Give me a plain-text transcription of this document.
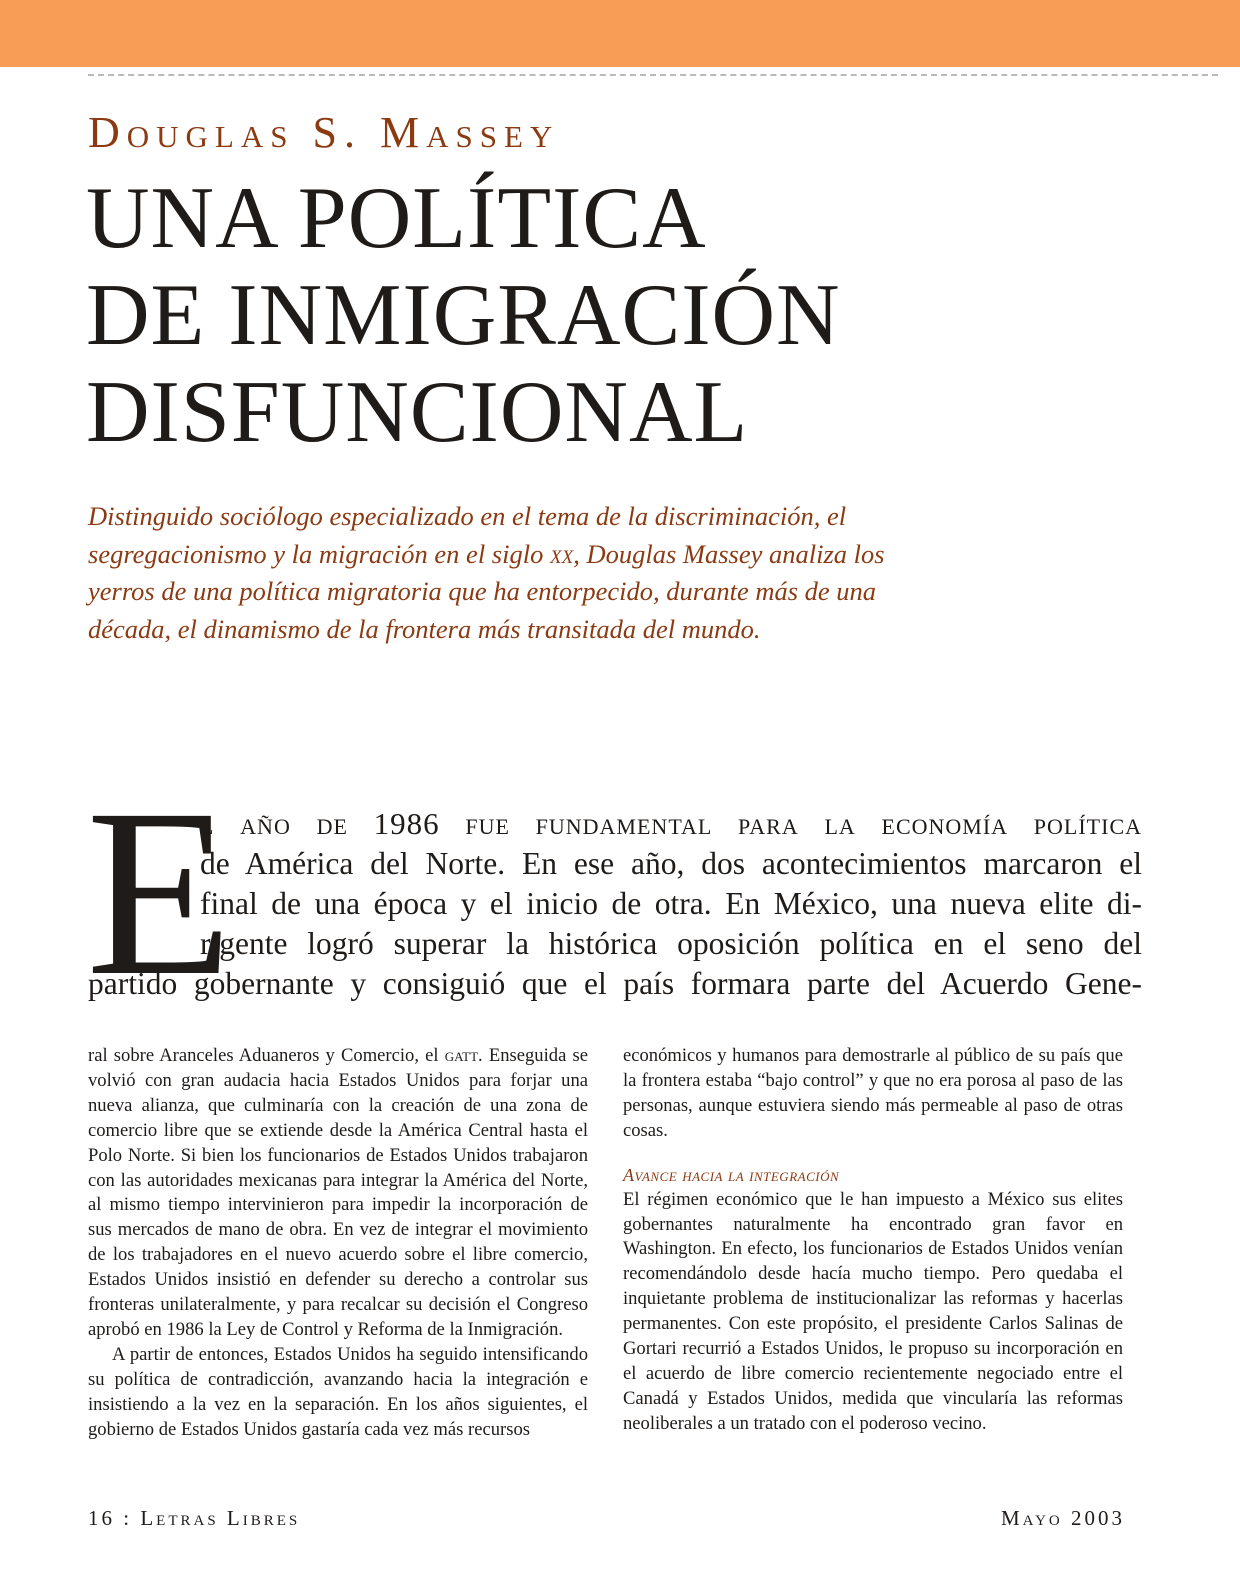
Douglas S. Massey
UNA POLÍTICA
DE INMIGRACIÓN
DISFUNCIONAL

Distinguido sociólogo especializado en el tema de la discriminación, el segregacionismo y la migración en el siglo xx, Douglas Massey analiza los yerros de una política migratoria que ha entorpecido, durante más de una década, el dinamismo de la frontera más transitada del mundo.

E
l año de 1986 fue fundamental para la economía política
de América del Norte. En ese año, dos acontecimientos marcaron el
final de una época y el inicio de otra. En México, una nueva elite di-
rigente logró superar la histórica oposición política en el seno del
partido gobernante y consiguió que el país formara parte del Acuerdo Gene-

ral sobre Aranceles Aduaneros y Comercio, el gatt. Enseguida se volvió con gran audacia hacia Estados Unidos para forjar una nueva alianza, que culminaría con la creación de una zona de comercio libre que se extiende desde la América Central hasta el Polo Norte. Si bien los funcionarios de Estados Unidos trabajaron con las autoridades mexicanas para integrar la América del Norte, al mismo tiempo intervinieron para impedir la incorporación de sus mercados de mano de obra. En vez de integrar el movimiento de los trabajadores en el nuevo acuerdo sobre el libre comercio, Estados Unidos insistió en defender su derecho a controlar sus fronteras unilateralmente, y para recalcar su decisión el Congreso aprobó en 1986 la Ley de Control y Reforma de la Inmigración.

A partir de entonces, Estados Unidos ha seguido intensificando su política de contradicción, avanzando hacia la integración e insistiendo a la vez en la separación. En los años siguientes, el gobierno de Estados Unidos gastaría cada vez más recursos

económicos y humanos para demostrarle al público de su país que la frontera estaba “bajo control” y que no era porosa al paso de las personas, aunque estuviera siendo más permeable al paso de otras cosas.

Avance hacia la integración

El régimen económico que le han impuesto a México sus elites gobernantes naturalmente ha encontrado gran favor en Washington. En efecto, los funcionarios de Estados Unidos venían recomendándolo desde hacía mucho tiempo. Pero quedaba el inquietante problema de institucionalizar las reformas y hacerlas permanentes. Con este propósito, el presidente Carlos Salinas de Gortari recurrió a Estados Unidos, le propuso su incorporación en el acuerdo de libre comercio recientemente negociado entre el Canadá y Estados Unidos, medida que vincularía las reformas neoliberales a un tratado con el poderoso vecino.

16 : Letras Libres	Mayo 2003
